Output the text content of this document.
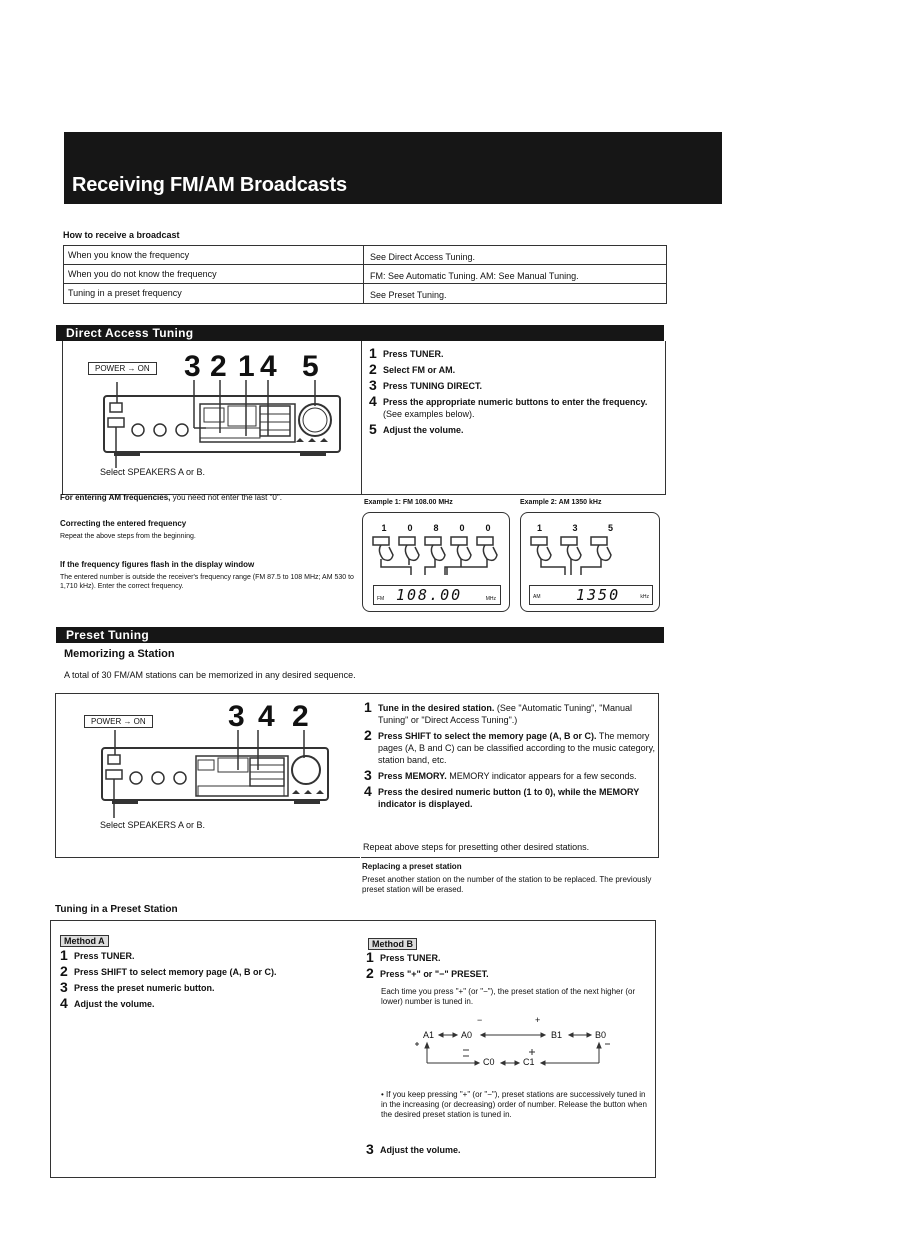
Receiving FM/AM Broadcasts
How to receive a broadcast
When you know the frequency	See Direct Access Tuning.
When you do not know the frequency	FM: See Automatic Tuning. AM: See Manual Tuning.
Tuning in a preset frequency	See Preset Tuning.
Direct Access Tuning
POWER → ON 3 2 1 4 5
Select SPEAKERS A or B.
1 Press TUNER.
2 Select FM or AM.
3 Press TUNING DIRECT.
4 Press the appropriate numeric buttons to enter the frequency. (See examples below).
5 Adjust the volume.
For entering AM frequencies, you need not enter the last "0".
Correcting the entered frequency
Repeat the above steps from the beginning.
If the frequency figures flash in the display window
The entered number is outside the receiver's frequency range (FM 87.5 to 108 MHz; AM 530 to 1,710 kHz). Enter the correct frequency.
Example 1: FM 108.00 MHz	Example 2: AM 1350 kHz
1 0 8 0 0
FM 108.00	MHz
1	3	5
AM 1350	kHz
Preset Tuning
Memorizing a Station
A total of 30 FM/AM stations can be memorized in any desired sequence.
POWER → ON	3 4 2
Select SPEAKERS A or B.
1 Tune in the desired station. (See "Automatic Tuning", "Manual Tuning" or "Direct Access Tuning".)
2 Press SHIFT to select the memory page (A, B or C). The memory pages (A, B and C) can be classified according to the music category, station band, etc.
3 Press MEMORY. MEMORY indicator appears for a few seconds.
4 Press the desired numeric button (1 to 0), while the MEMORY indicator is displayed.
Repeat above steps for presetting other desired stations.
Replacing a preset station
Preset another station on the number of the station to be replaced. The previously preset station will be erased.
Tuning in a Preset Station
Method A
1 Press TUNER.
2 Press SHIFT to select memory page (A, B or C).
3 Press the preset numeric button.
4 Adjust the volume.
Method B
1 Press TUNER.
2 Press "+" or "−" PRESET.
Each time you press "+" (or "−"), the preset station of the next higher (or lower) number is tuned in.
−	+
A1	A0	B1	B0
C0	C1
• If you keep pressing "+" (or "−"), preset stations are successively tuned in in the increasing (or decreasing) order of number. Release the button when the desired preset station is tuned in.
3 Adjust the volume.
